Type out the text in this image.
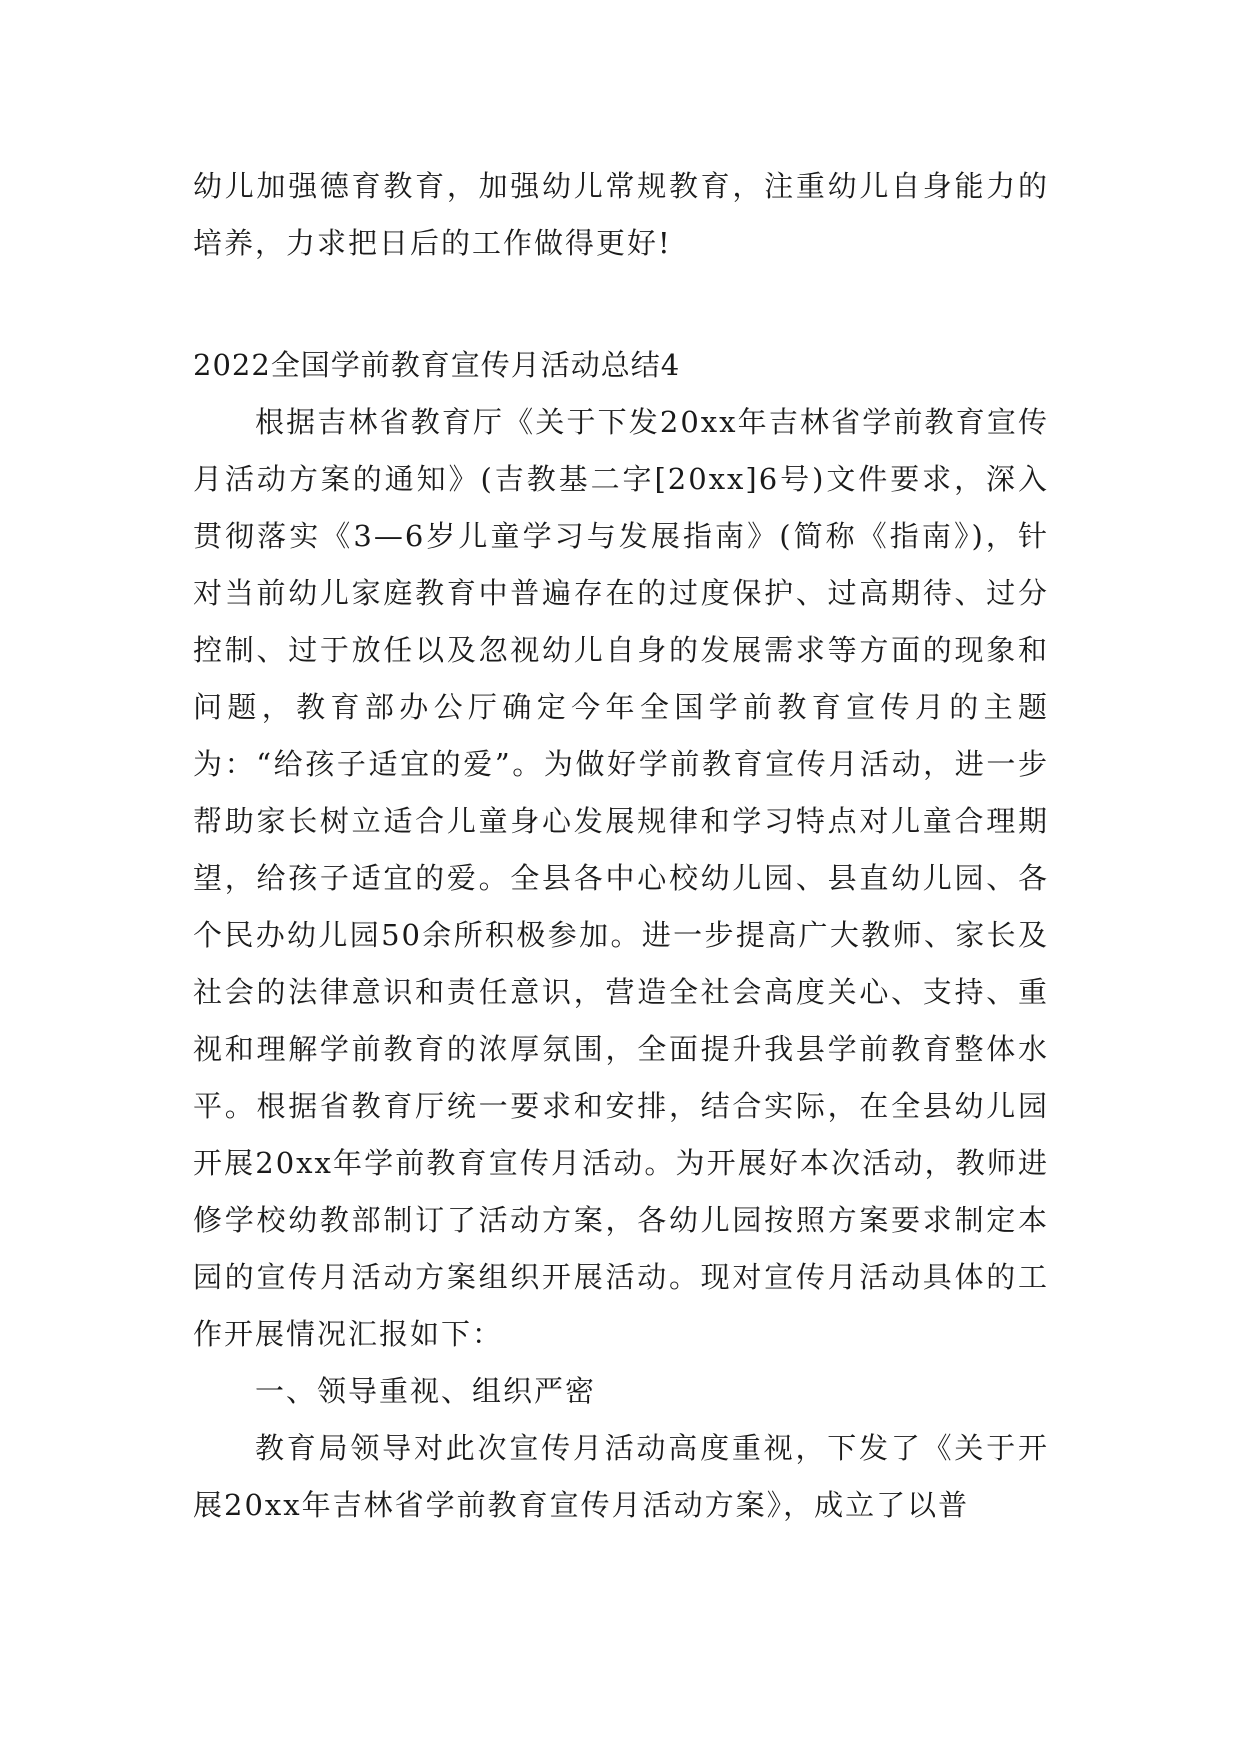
幼儿加强德育教育，加强幼儿常规教育，注重幼儿自身能力的培养，力求把日后的工作做得更好!

2022全国学前教育宣传月活动总结4

根据吉林省教育厅《关于下发20xx年吉林省学前教育宣传月活动方案的通知》(吉教基二字[20xx]6号)文件要求，深入贯彻落实《3—6岁儿童学习与发展指南》(简称《指南》)，针对当前幼儿家庭教育中普遍存在的过度保护、过高期待、过分控制、过于放任以及忽视幼儿自身的发展需求等方面的现象和问题，教育部办公厅确定今年全国学前教育宣传月的主题为：“给孩子适宜的爱”。为做好学前教育宣传月活动，进一步帮助家长树立适合儿童身心发展规律和学习特点对儿童合理期望，给孩子适宜的爱。全县各中心校幼儿园、县直幼儿园、各个民办幼儿园50余所积极参加。进一步提高广大教师、家长及社会的法律意识和责任意识，营造全社会高度关心、支持、重视和理解学前教育的浓厚氛围，全面提升我县学前教育整体水平。根据省教育厅统一要求和安排，结合实际，在全县幼儿园开展20xx年学前教育宣传月活动。为开展好本次活动，教师进修学校幼教部制订了活动方案，各幼儿园按照方案要求制定本园的宣传月活动方案组织开展活动。现对宣传月活动具体的工作开展情况汇报如下：

一、领导重视、组织严密

教育局领导对此次宣传月活动高度重视，下发了《关于开展20xx年吉林省学前教育宣传月活动方案》，成立了以普
